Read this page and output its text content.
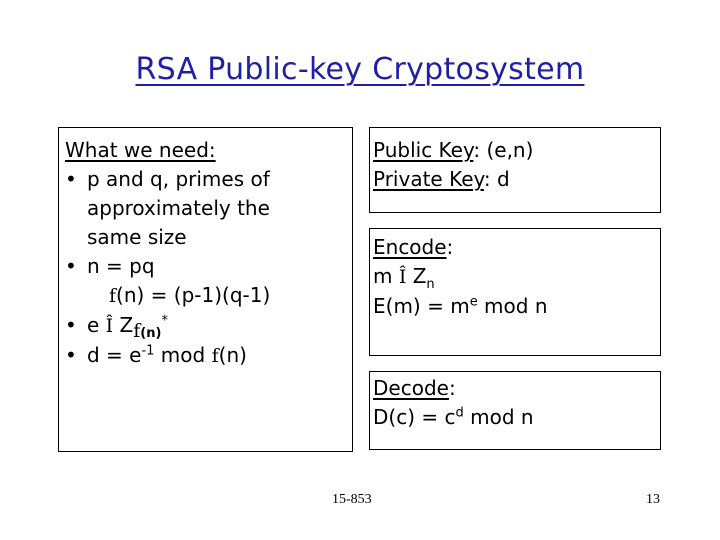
RSA Public-key Cryptosystem
What we need:
• p and q, primes of
approximately the
same size
• n = pq

f(n) = (p-1)(q-1)
• e Î $Z_{f(n)}^*$
• $d = e^{-1}$ mod f(n)
Public Key: (e,n)
Private Key: d
Encode:
m Î $Z_n$
$E(m) = m^e$ mod n
Decode:
$D(c) = c^d$ mod n
15-853	13
